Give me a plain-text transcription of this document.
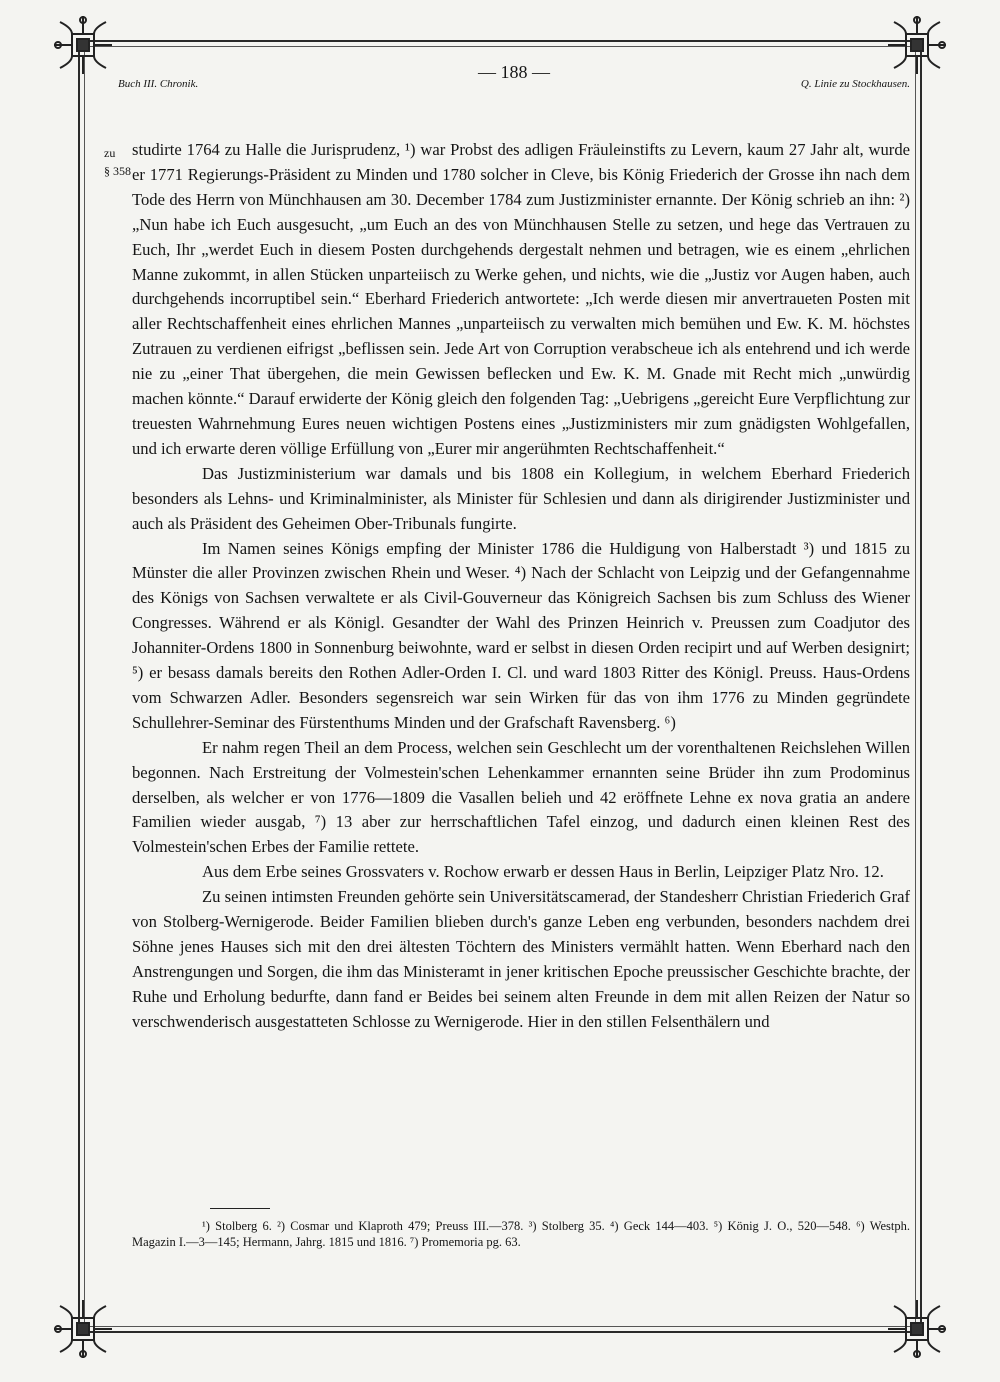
Buch III. Chronik.
— 188 —
Q. Linie zu Stockhausen.
zu
§ 358

studirte 1764 zu Halle die Jurisprudenz, ¹) war Probst des adligen Fräuleinstifts zu Levern, kaum 27 Jahr alt, wurde er 1771 Regierungs-Präsident zu Minden und 1780 solcher in Cleve, bis König Friederich der Grosse ihn nach dem Tode des Herrn von Münchhausen am 30. December 1784 zum Justizminister ernannte. Der König schrieb an ihn: ²) „Nun habe ich Euch ausgesucht, „um Euch an des von Münchhausen Stelle zu setzen, und hege das Vertrauen zu Euch, Ihr „werdet Euch in diesem Posten durchgehends dergestalt nehmen und betragen, wie es einem „ehrlichen Manne zukommt, in allen Stücken unparteiisch zu Werke gehen, und nichts, wie die „Justiz vor Augen haben, auch durchgehends incorruptibel sein.“ Eberhard Friederich antwortete: „Ich werde diesen mir anvertraueten Posten mit aller Rechtschaffenheit eines ehrlichen Mannes „unparteiisch zu verwalten mich bemühen und Ew. K. M. höchstes Zutrauen zu verdienen eifrigst „beflissen sein. Jede Art von Corruption verabscheue ich als entehrend und ich werde nie zu „einer That übergehen, die mein Gewissen beflecken und Ew. K. M. Gnade mit Recht mich „unwürdig machen könnte.“ Darauf erwiderte der König gleich den folgenden Tag: „Uebrigens „gereicht Eure Verpflichtung zur treuesten Wahrnehmung Eures neuen wichtigen Postens eines „Justizministers mir zum gnädigsten Wohlgefallen, und ich erwarte deren völlige Erfüllung von „Eurer mir angerühmten Rechtschaffenheit.“

Das Justizministerium war damals und bis 1808 ein Kollegium, in welchem Eberhard Friederich besonders als Lehns- und Kriminalminister, als Minister für Schlesien und dann als dirigirender Justizminister und auch als Präsident des Geheimen Ober-Tribunals fungirte.

Im Namen seines Königs empfing der Minister 1786 die Huldigung von Halberstadt ³) und 1815 zu Münster die aller Provinzen zwischen Rhein und Weser. ⁴) Nach der Schlacht von Leipzig und der Gefangennahme des Königs von Sachsen verwaltete er als Civil-Gouverneur das Königreich Sachsen bis zum Schluss des Wiener Congresses. Während er als Königl. Gesandter der Wahl des Prinzen Heinrich v. Preussen zum Coadjutor des Johanniter-Ordens 1800 in Sonnenburg beiwohnte, ward er selbst in diesen Orden recipirt und auf Werben designirt; ⁵) er besass damals bereits den Rothen Adler-Orden I. Cl. und ward 1803 Ritter des Königl. Preuss. Haus-Ordens vom Schwarzen Adler. Besonders segensreich war sein Wirken für das von ihm 1776 zu Minden gegründete Schullehrer-Seminar des Fürstenthums Minden und der Grafschaft Ravensberg. ⁶)

Er nahm regen Theil an dem Process, welchen sein Geschlecht um der vorenthaltenen Reichslehen Willen begonnen. Nach Erstreitung der Volmestein'schen Lehenkammer ernannten seine Brüder ihn zum Prodominus derselben, als welcher er von 1776—1809 die Vasallen belieh und 42 eröffnete Lehne ex nova gratia an andere Familien wieder ausgab, ⁷) 13 aber zur herrschaftlichen Tafel einzog, und dadurch einen kleinen Rest des Volmestein'schen Erbes der Familie rettete.

Aus dem Erbe seines Grossvaters v. Rochow erwarb er dessen Haus in Berlin, Leipziger Platz Nro. 12.

Zu seinen intimsten Freunden gehörte sein Universitätscamerad, der Standesherr Christian Friederich Graf von Stolberg-Wernigerode. Beider Familien blieben durch's ganze Leben eng verbunden, besonders nachdem drei Söhne jenes Hauses sich mit den drei ältesten Töchtern des Ministers vermählt hatten. Wenn Eberhard nach den Anstrengungen und Sorgen, die ihm das Ministeramt in jener kritischen Epoche preussischer Geschichte brachte, der Ruhe und Erholung bedurfte, dann fand er Beides bei seinem alten Freunde in dem mit allen Reizen der Natur so verschwenderisch ausgestatteten Schlosse zu Wernigerode. Hier in den stillen Felsenthälern und

¹) Stolberg 6. ²) Cosmar und Klaproth 479; Preuss III.—378. ³) Stolberg 35. ⁴) Geck 144—403. ⁵) König J. O., 520—548. ⁶) Westph. Magazin I.—3—145; Hermann, Jahrg. 1815 und 1816. ⁷) Promemoria pg. 63.
